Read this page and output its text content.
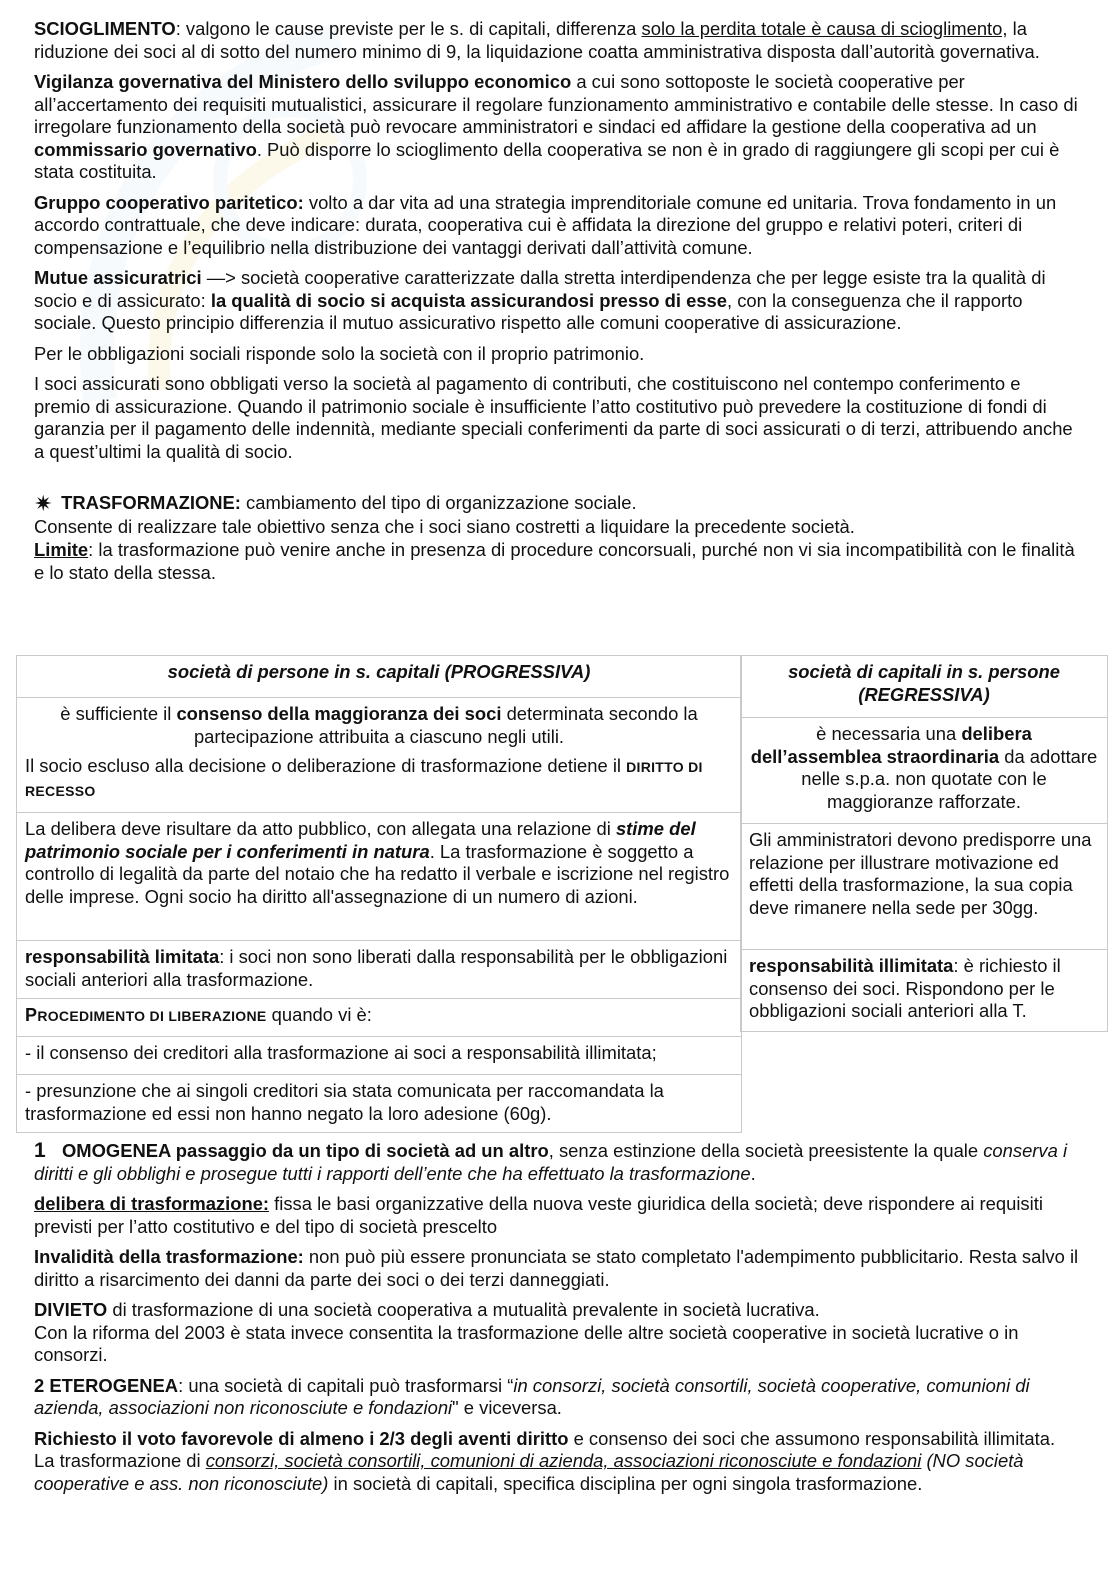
SCIOGLIMENTO: valgono le cause previste per le s. di capitali, differenza solo la perdita totale è causa di scioglimento, la riduzione dei soci al di sotto del numero minimo di 9, la liquidazione coatta amministrativa disposta dall’autorità governativa.

Vigilanza governativa del Ministero dello sviluppo economico a cui sono sottoposte le società cooperative per all’accertamento dei requisiti mutualistici, assicurare il regolare funzionamento amministrativo e contabile delle stesse. In caso di irregolare funzionamento della società può revocare amministratori e sindaci ed affidare la gestione della cooperativa ad un commissario governativo. Può disporre lo scioglimento della cooperativa se non è in grado di raggiungere gli scopi per cui è stata costituita.

Gruppo cooperativo paritetico: volto a dar vita ad una strategia imprenditoriale comune ed unitaria. Trova fondamento in un accordo contrattuale, che deve indicare: durata, cooperativa cui è affidata la direzione del gruppo e relativi poteri, criteri di compensazione e l’equilibrio nella distribuzione dei vantaggi derivati dall’attività comune.

Mutue assicuratrici —> società cooperative caratterizzate dalla stretta interdipendenza che per legge esiste tra la qualità di socio e di assicurato: la qualità di socio si acquista assicurandosi presso di esse, con la conseguenza che il rapporto sociale. Questo principio differenzia il mutuo assicurativo rispetto alle comuni cooperative di assicurazione.

Per le obbligazioni sociali risponde solo la società con il proprio patrimonio.

I soci assicurati sono obbligati verso la società al pagamento di contributi, che costituiscono nel contempo conferimento e premio di assicurazione. Quando il patrimonio sociale è insufficiente l’atto costitutivo può prevedere la costituzione di fondi di garanzia per il pagamento delle indennità, mediante speciali conferimenti da parte di soci assicurati o di terzi, attribuendo anche a quest’ultimi la qualità di socio.

✷ TRASFORMAZIONE: cambiamento del tipo di organizzazione sociale.
Consente di realizzare tale obiettivo senza che i soci siano costretti a liquidare la precedente società.

Limite: la trasformazione può venire anche in presenza di procedure concorsuali, purché non vi sia incompatibilità con le finalità e lo stato della stessa.

società di persone in s. capitali (PROGRESSIVA)

è sufficiente il consenso della maggioranza dei soci determinata secondo la partecipazione attribuita a ciascuno negli utili.

Il socio escluso alla decisione o deliberazione di trasformazione detiene il DIRITTO DI RECESSO

La delibera deve risultare da atto pubblico, con allegata una relazione di stime del patrimonio sociale per i conferimenti in natura. La trasformazione è soggetto a controllo di legalità da parte del notaio che ha redatto il verbale e iscrizione nel registro delle imprese. Ogni socio ha diritto all'assegnazione di un numero di azioni.

responsabilità limitata: i soci non sono liberati dalla responsabilità per le obbligazioni sociali anteriori alla trasformazione.

PROCEDIMENTO DI LIBERAZIONE quando vi è:

- il consenso dei creditori alla trasformazione ai soci a responsabilità illimitata;

- presunzione che ai singoli creditori sia stata comunicata per raccomandata la trasformazione ed essi non hanno negato la loro adesione (60g).

società di capitali in s. persone (REGRESSIVA)

è necessaria una delibera dell’assemblea straordinaria da adottare nelle s.p.a. non quotate con le maggioranze rafforzate.

Gli amministratori devono predisporre una relazione per illustrare motivazione ed effetti della trasformazione, la sua copia deve rimanere nella sede per 30gg.

responsabilità illimitata: è richiesto il consenso dei soci. Rispondono per le obbligazioni sociali anteriori alla T.

1 OMOGENEA passaggio da un tipo di società ad un altro, senza estinzione della società preesistente la quale conserva i diritti e gli obblighi e prosegue tutti i rapporti dell’ente che ha effettuato la trasformazione.

delibera di trasformazione: fissa le basi organizzative della nuova veste giuridica della società; deve rispondere ai requisiti previsti per l’atto costitutivo e del tipo di società prescelto

Invalidità della trasformazione: non può più essere pronunciata se stato completato l'adempimento pubblicitario. Resta salvo il diritto a risarcimento dei danni da parte dei soci o dei terzi danneggiati.

DIVIETO di trasformazione di una società cooperativa a mutualità prevalente in società lucrativa.
Con la riforma del 2003 è stata invece consentita la trasformazione delle altre società cooperative in società lucrative o in consorzi.

2 ETEROGENEA: una società di capitali può trasformarsi “in consorzi, società consortili, società cooperative, comunioni di azienda, associazioni non riconosciute e fondazioni" e viceversa.

Richiesto il voto favorevole di almeno i 2/3 degli aventi diritto e consenso dei soci che assumono responsabilità illimitata. La trasformazione di consorzi, società consortili, comunioni di azienda, associazioni riconosciute e fondazioni (NO società cooperative e ass. non riconosciute) in società di capitali, specifica disciplina per ogni singola trasformazione.
